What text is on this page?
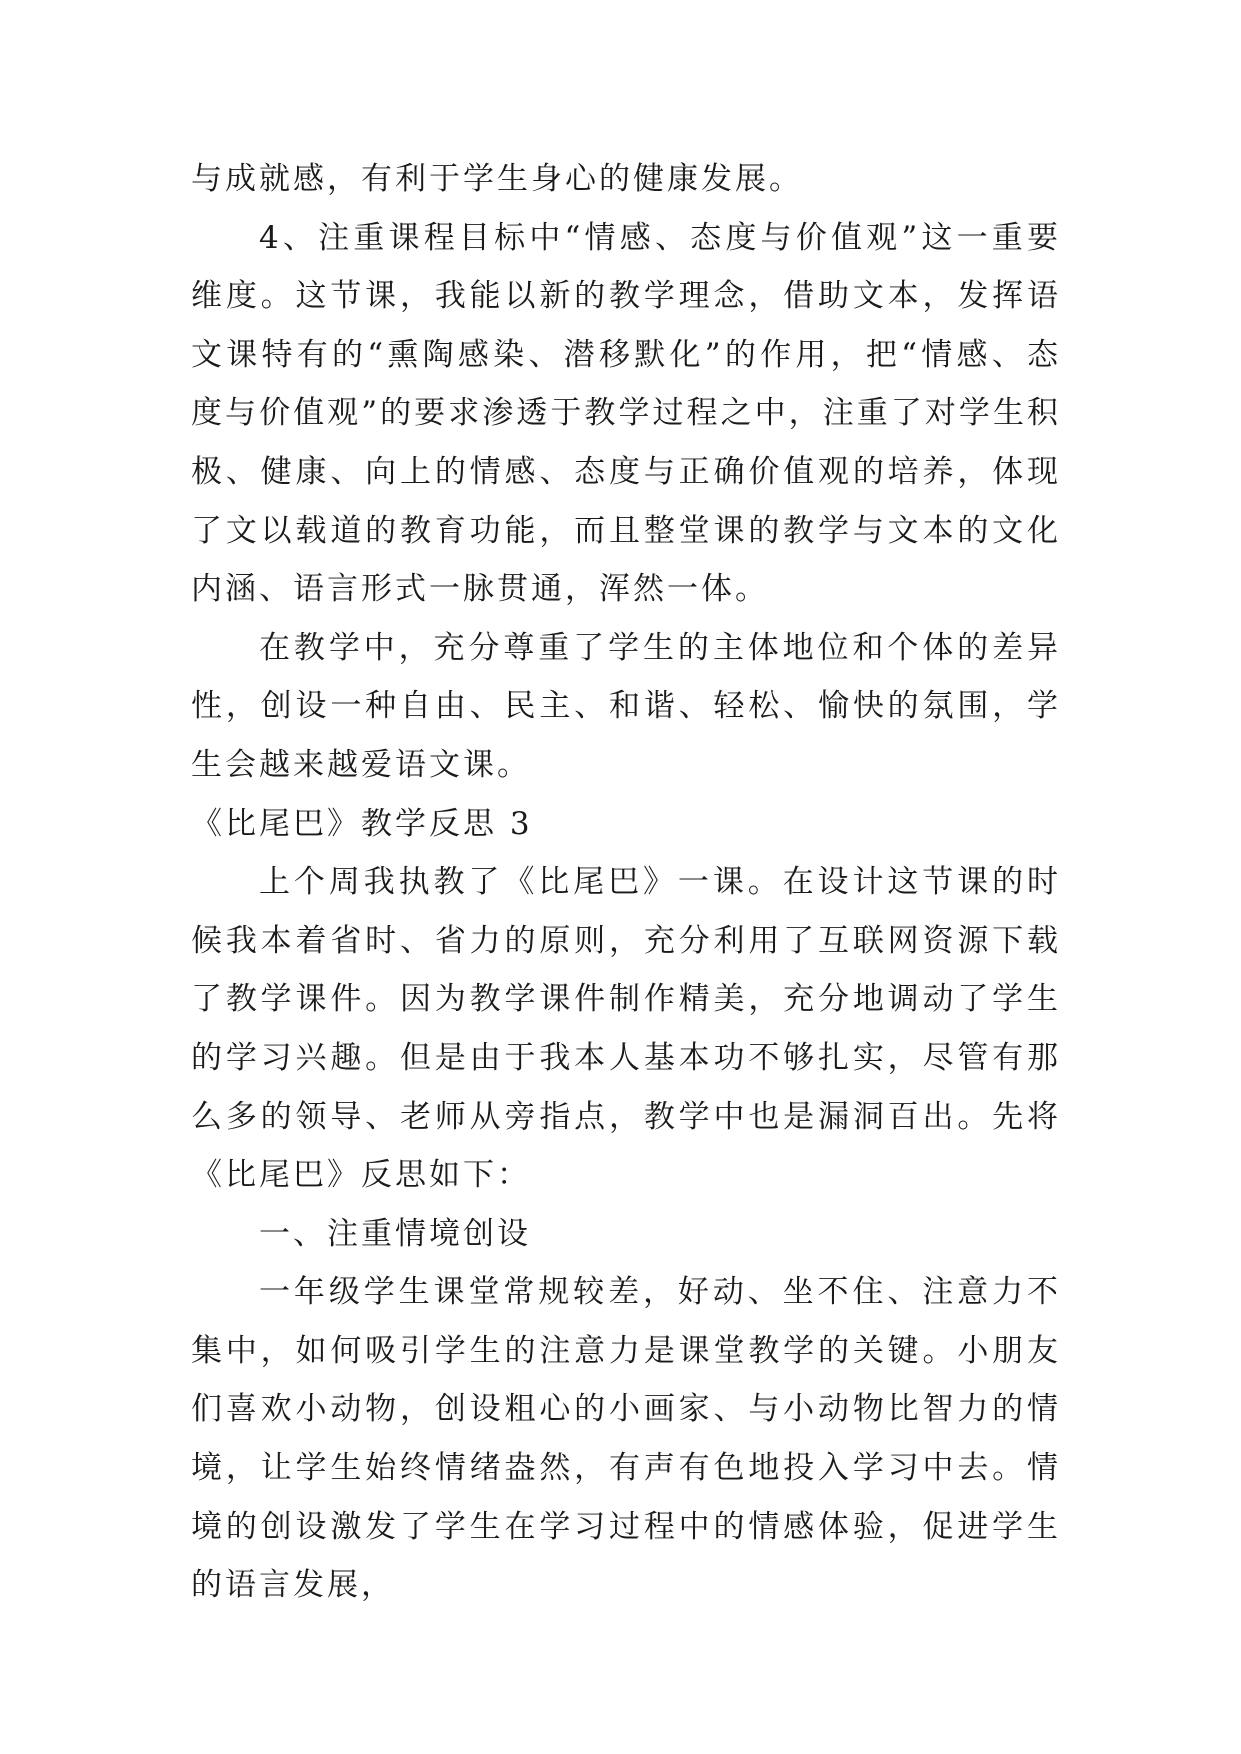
与成就感，有利于学生身心的健康发展。

4、注重课程目标中“情感、态度与价值观”这一重要维度。这节课，我能以新的教学理念，借助文本，发挥语文课特有的“熏陶感染、潜移默化”的作用，把“情感、态度与价值观”的要求渗透于教学过程之中，注重了对学生积极、健康、向上的情感、态度与正确价值观的培养，体现了文以载道的教育功能，而且整堂课的教学与文本的文化内涵、语言形式一脉贯通，浑然一体。

在教学中，充分尊重了学生的主体地位和个体的差异性，创设一种自由、民主、和谐、轻松、愉快的氛围，学生会越来越爱语文课。

《比尾巴》教学反思 3

上个周我执教了《比尾巴》一课。在设计这节课的时候我本着省时、省力的原则，充分利用了互联网资源下载了教学课件。因为教学课件制作精美，充分地调动了学生的学习兴趣。但是由于我本人基本功不够扎实，尽管有那么多的领导、老师从旁指点，教学中也是漏洞百出。先将《比尾巴》反思如下：

一、注重情境创设

一年级学生课堂常规较差，好动、坐不住、注意力不集中，如何吸引学生的注意力是课堂教学的关键。小朋友们喜欢小动物，创设粗心的小画家、与小动物比智力的情境，让学生始终情绪盎然，有声有色地投入学习中去。情境的创设激发了学生在学习过程中的情感体验，促进学生的语言发展，
